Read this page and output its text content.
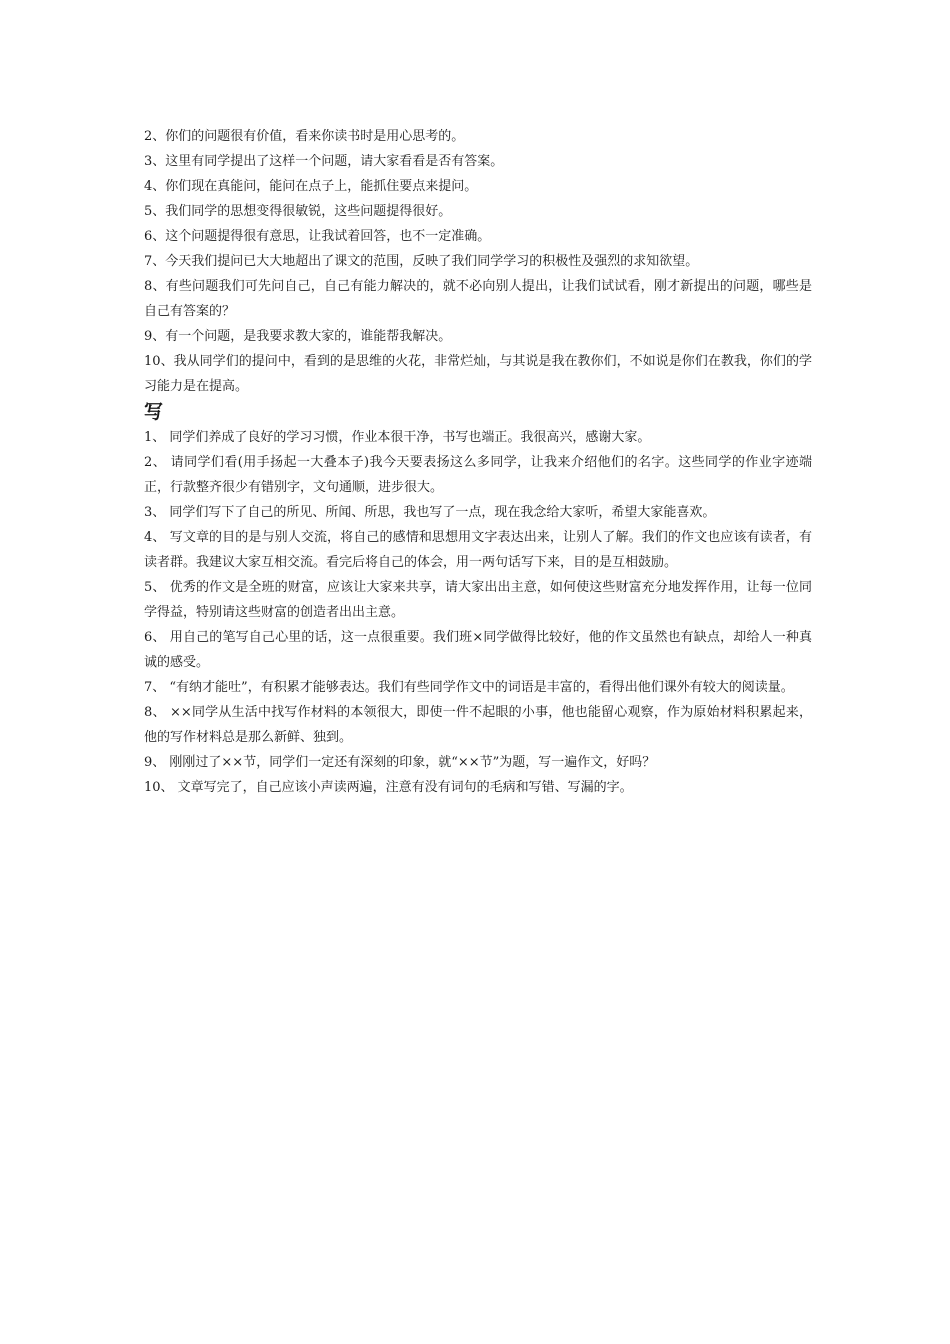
2、你们的问题很有价值，看来你读书时是用心思考的。

3、这里有同学提出了这样一个问题，请大家看看是否有答案。

4、你们现在真能问，能问在点子上，能抓住要点来提问。

5、我们同学的思想变得很敏锐，这些问题提得很好。

6、这个问题提得很有意思，让我试着回答，也不一定准确。

7、今天我们提问已大大地超出了课文的范围，反映了我们同学学习的积极性及强烈的求知欲望。

8、有些问题我们可先问自己，自己有能力解决的，就不必向别人提出，让我们试试看，刚才新提出的问题，哪些是自己有答案的？

9、有一个问题，是我要求教大家的，谁能帮我解决。

10、我从同学们的提问中，看到的是思维的火花，非常烂灿，与其说是我在教你们，不如说是你们在教我，你们的学习能力是在提高。

写

1、 同学们养成了良好的学习习惯，作业本很干净，书写也端正。我很高兴，感谢大家。

2、 请同学们看(用手扬起一大叠本子)我今天要表扬这么多同学，让我来介绍他们的名字。这些同学的作业字迹端正，行款整齐很少有错别字，文句通顺，进步很大。

3、 同学们写下了自己的所见、所闻、所思，我也写了一点，现在我念给大家听，希望大家能喜欢。

4、 写文章的目的是与别人交流，将自己的感情和思想用文字表达出来，让别人了解。我们的作文也应该有读者，有读者群。我建议大家互相交流。看完后将自己的体会，用一两句话写下来，目的是互相鼓励。

5、 优秀的作文是全班的财富，应该让大家来共享，请大家出出主意，如何使这些财富充分地发挥作用，让每一位同学得益，特别请这些财富的创造者出出主意。

6、 用自己的笔写自己心里的话，这一点很重要。我们班×同学做得比较好，他的作文虽然也有缺点，却给人一种真诚的感受。

7、 “有纳才能吐”，有积累才能够表达。我们有些同学作文中的词语是丰富的，看得出他们课外有较大的阅读量。

8、 ××同学从生活中找写作材料的本领很大，即使一件不起眼的小事，他也能留心观察，作为原始材料积累起来，他的写作材料总是那么新鲜、独到。

9、 刚刚过了××节，同学们一定还有深刻的印象，就“××节”为题，写一遍作文，好吗？

10、 文章写完了，自己应该小声读两遍，注意有没有词句的毛病和写错、写漏的字。
